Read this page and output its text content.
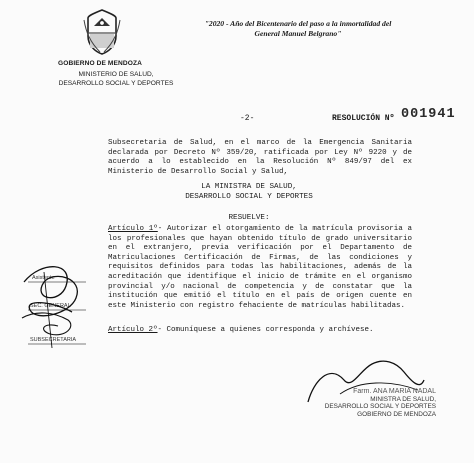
GOBIERNO DE MENDOZA
MINISTERIO DE SALUD,
DESARROLLO SOCIAL Y DEPORTES
"2020 - Año del Bicentenario del paso a la inmortalidad del
General Manuel Belgrano"
-2-	RESOLUCIÓN Nº 001941
Subsecretaria de Salud, en el marco de la Emergencia Sanitaria declarada por Decreto Nº 359/20, ratificada por Ley Nº 9220 y de acuerdo a lo establecido en la Resolución Nº 849/97 del ex Ministerio de Desarrollo Social y Salud,
LA MINISTRA DE SALUD,
DESARROLLO SOCIAL Y DEPORTES
RESUELVE:
Artículo 1º- Autorizar el otorgamiento de la matrícula provisoria a los profesionales que hayan obtenido título de grado universitario en el extranjero, previa verificación por el Departamento de Matriculaciones Certificación de Firmas, de las condiciones y requisitos definidos para todas las habilitaciones, además de la acreditación que identifique el inicio de trámite en el organismo provincial y/o nacional de competencia y de constatar que la institución que emitió el título en el país de origen cuente en este Ministerio con registro fehaciente de matrículas habilitadas.
Artículo 2º- Comuníquese a quienes corresponda y archívese.
Asistente
SEC. GENERAL
SUBSECRETARIA
Farm. ANA MARIA NADAL
MINISTRA DE SALUD,
DESARROLLO SOCIAL Y DEPORTES
GOBIERNO DE MENDOZA
